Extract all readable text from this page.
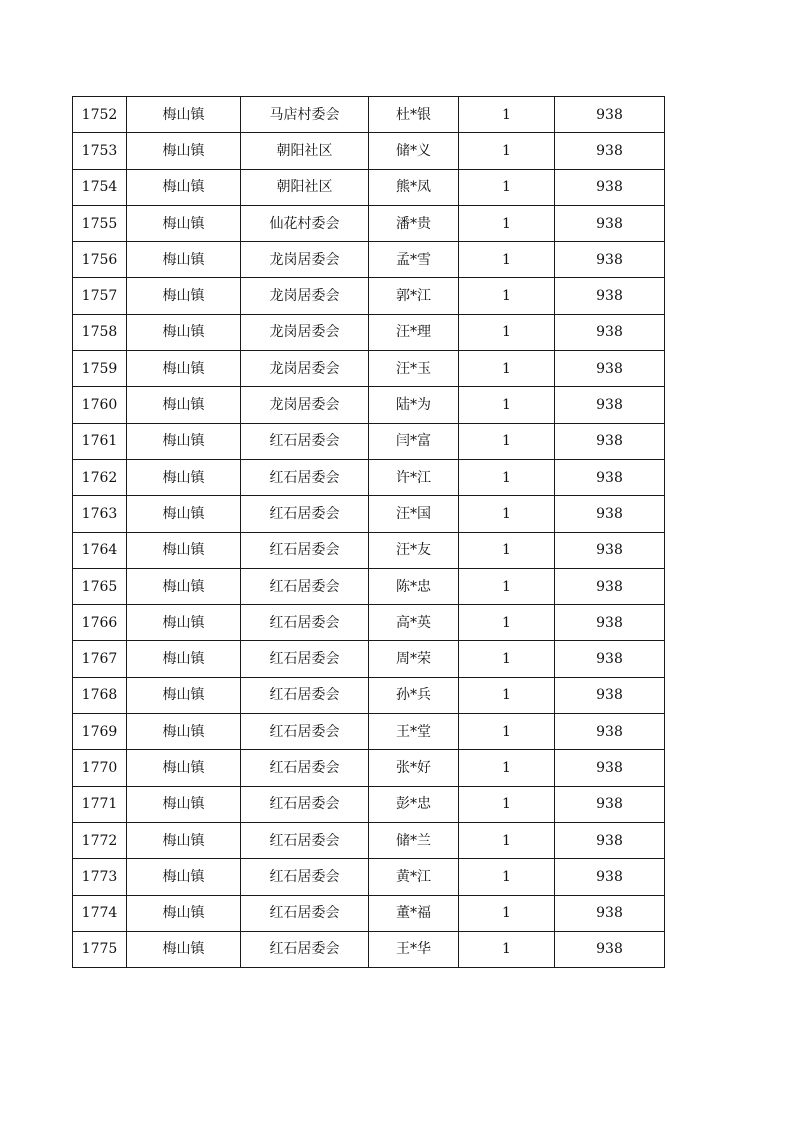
1752	梅山镇	马店村委会	杜*银	1	938
1753	梅山镇	朝阳社区	储*义	1	938
1754	梅山镇	朝阳社区	熊*凤	1	938
1755	梅山镇	仙花村委会	潘*贵	1	938
1756	梅山镇	龙岗居委会	孟*雪	1	938
1757	梅山镇	龙岗居委会	郭*江	1	938
1758	梅山镇	龙岗居委会	汪*理	1	938
1759	梅山镇	龙岗居委会	汪*玉	1	938
1760	梅山镇	龙岗居委会	陆*为	1	938
1761	梅山镇	红石居委会	闫*富	1	938
1762	梅山镇	红石居委会	许*江	1	938
1763	梅山镇	红石居委会	汪*国	1	938
1764	梅山镇	红石居委会	汪*友	1	938
1765	梅山镇	红石居委会	陈*忠	1	938
1766	梅山镇	红石居委会	高*英	1	938
1767	梅山镇	红石居委会	周*荣	1	938
1768	梅山镇	红石居委会	孙*兵	1	938
1769	梅山镇	红石居委会	王*堂	1	938
1770	梅山镇	红石居委会	张*好	1	938
1771	梅山镇	红石居委会	彭*忠	1	938
1772	梅山镇	红石居委会	储*兰	1	938
1773	梅山镇	红石居委会	黄*江	1	938
1774	梅山镇	红石居委会	董*福	1	938
1775	梅山镇	红石居委会	王*华	1	938
